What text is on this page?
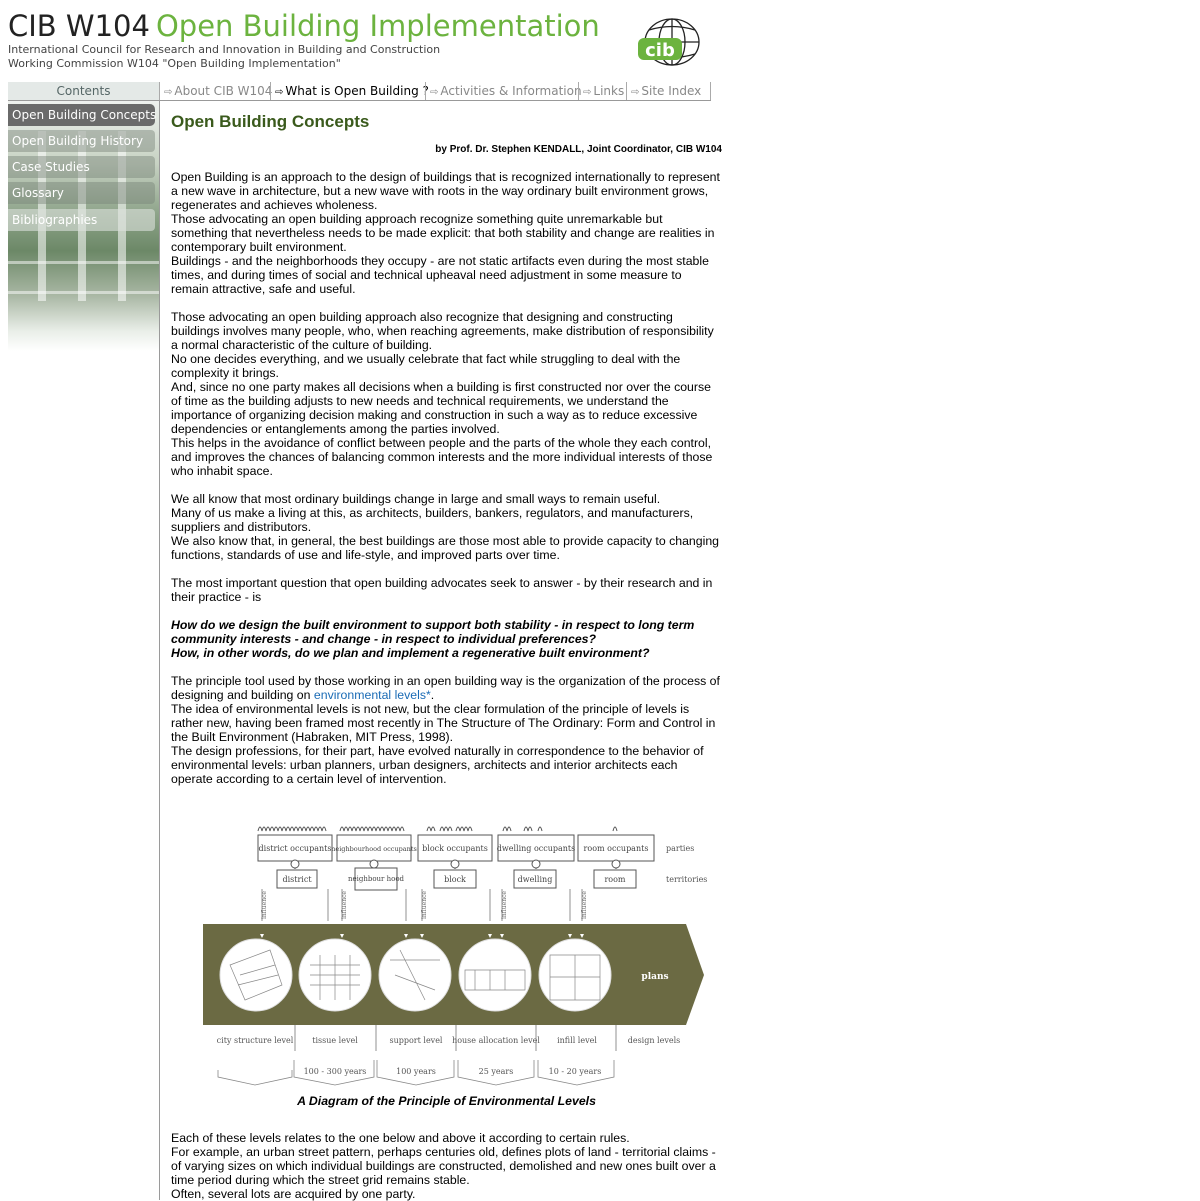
CIB W104 Open Building Implementation
International Council for Research and Innovation in Building and Construction
Working Commission W104 "Open Building Implementation"
cib
Contents	⇨ About CIB W104 ⇨ What is Open Building ? ⇨ Activities & Information ⇨ Links ⇨ Site Index
Open Building Concepts
Open Building History
Case Studies
Glossary
Bibliographies
Open Building Concepts
by Prof. Dr. Stephen KENDALL, Joint Coordinator, CIB W104

Open Building is an approach to the design of buildings that is recognized internationally to represent a new wave in architecture, but a new wave with roots in the way ordinary built environment grows, regenerates and achieves wholeness.

Those advocating an open building approach recognize something quite unremarkable but something that nevertheless needs to be made explicit: that both stability and change are realities in contemporary built environment.

Buildings - and the neighborhoods they occupy - are not static artifacts even during the most stable times, and during times of social and technical upheaval need adjustment in some measure to remain attractive, safe and useful.

Those advocating an open building approach also recognize that designing and constructing buildings involves many people, who, when reaching agreements, make distribution of responsibility a normal characteristic of the culture of building.

No one decides everything, and we usually celebrate that fact while struggling to deal with the complexity it brings.

And, since no one party makes all decisions when a building is first constructed nor over the course of time as the building adjusts to new needs and technical requirements, we understand the importance of organizing decision making and construction in such a way as to reduce excessive dependencies or entanglements among the parties involved.

This helps in the avoidance of conflict between people and the parts of the whole they each control, and improves the chances of balancing common interests and the more individual interests of those who inhabit space.

We all know that most ordinary buildings change in large and small ways to remain useful.

Many of us make a living at this, as architects, builders, bankers, regulators, and manufacturers, suppliers and distributors.

We also know that, in general, the best buildings are those most able to provide capacity to changing functions, standards of use and life-style, and improved parts over time.

The most important question that open building advocates seek to answer - by their research and in their practice - is

How do we design the built environment to support both stability - in respect to long term community interests - and change - in respect to individual preferences?

How, in other words, do we plan and implement a regenerative built environment?

The principle tool used by those working in an open building way is the organization of the process of designing and building on environmental levels*.

The idea of environmental levels is not new, but the clear formulation of the principle of levels is rather new, having been framed most recently in The Structure of The Ordinary: Form and Control in the Built Environment (Habraken, MIT Press, 1998).

The design professions, for their part, have evolved naturally in correspondence to the behavior of environmental levels: urban planners, urban designers, architects and interior architects each operate according to a certain level of intervention.

district occupants neighbourhood occupants block occupants dwelling occupants room occupants parties
district	neighbour hood	block	dwelling	room	territories
influence	influence	influence	influence	influence
plans
city structure level tissue level	support level house allocation level infill level	design levels
100 - 300 years	100 years	25 years	10 - 20 years
A Diagram of the Principle of Environmental Levels

Each of these levels relates to the one below and above it according to certain rules.

For example, an urban street pattern, perhaps centuries old, defines plots of land - territorial claims - of varying sizes on which individual buildings are constructed, demolished and new ones built over a time period during which the street grid remains stable.

Often, several lots are acquired by one party.
